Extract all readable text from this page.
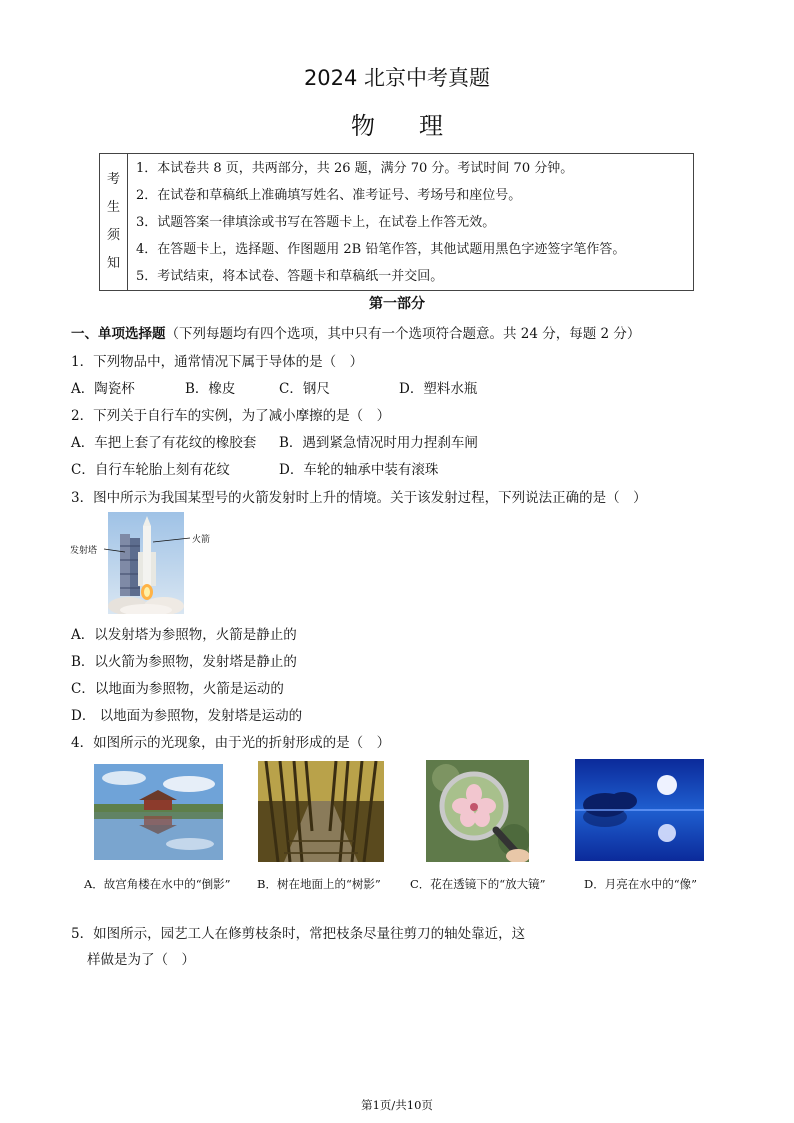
2024 北京中考真题
物理
考
生
须
知
1．本试卷共 8 页，共两部分，共 26 题，满分 70 分。考试时间 70 分钟。
2．在试卷和草稿纸上准确填写姓名、准考证号、考场号和座位号。
3．试题答案一律填涂或书写在答题卡上，在试卷上作答无效。
4．在答题卡上，选择题、作图题用 2B 铅笔作答，其他试题用黑色字迹签字笔作答。
5．考试结束，将本试卷、答题卡和草稿纸一并交回。
第一部分
一、单项选择题（下列每题均有四个选项，其中只有一个选项符合题意。共 24 分，每题 2 分）
1．下列物品中，通常情况下属于导体的是（　）
A．陶瓷杯	B．橡皮	C．钢尺	D．塑料水瓶
2．下列关于自行车的实例，为了减小摩擦的是（　）
A．车把上套了有花纹的橡胶套 B．遇到紧急情况时用力捏刹车闸
C．自行车轮胎上刻有花纹	D．车轮的轴承中装有滚珠
3．图中所示为我国某型号的火箭发射时上升的情境。关于该发射过程，下列说法正确的是（　）
发射塔
火箭
A．以发射塔为参照物，火箭是静止的
B．以火箭为参照物，发射塔是静止的
C．以地面为参照物，火箭是运动的
D． 以地面为参照物，发射塔是运动的
4．如图所示的光现象，由于光的折射形成的是（　）
A．故宫角楼在水中的“倒影” B．树在地面上的“树影”	C．花在透镜下的“放大镜”	D．月亮在水中的“像”
5．如图所示，园艺工人在修剪枝条时，常把枝条尽量往剪刀的轴处靠近，这
样做是为了（　）
第1页/共10页
